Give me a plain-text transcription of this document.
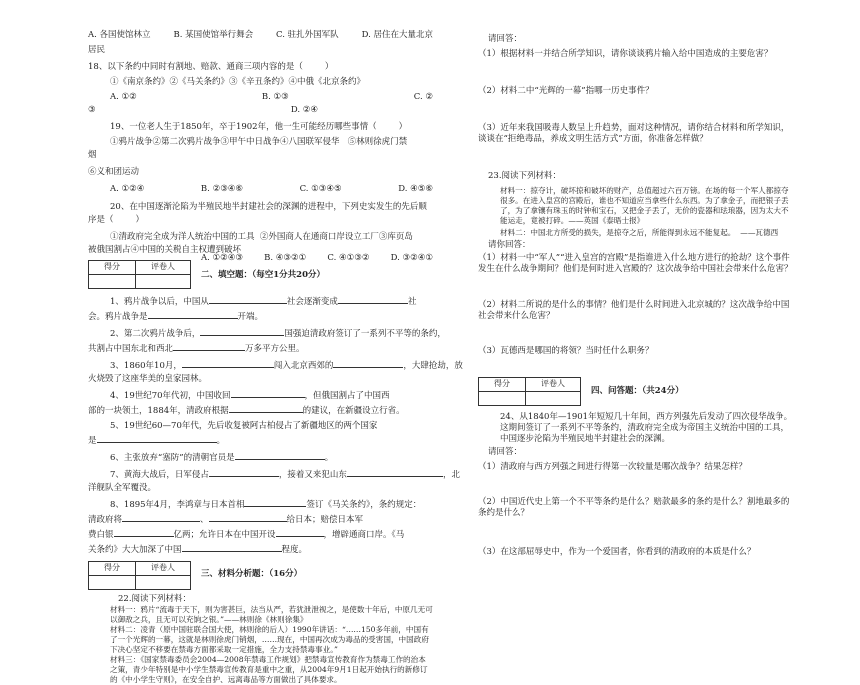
A. 各国使馆林立	B. 某国使馆举行舞会	C. 驻扎外国军队	D. 居住在大量北京

居民

18、以下条约中同时有割地、赔款、通商三项内容的是（	）

①《南京条约》②《马关条约》③《辛丑条约》④中俄《北京条约》

A. ①②	B. ①③	C. ②
③	D. ②④

19、一位老人生于1850年，卒于1902年，他一生可能经历哪些事情（	）

①鸦片战争②第二次鸦片战争③甲午中日战争④八国联军侵华 ⑤林则徐虎门禁

烟

⑥义和团运动

A. ①②④	B. ②③④⑥	C. ①③④⑤	D. ④⑤⑥

20、在中国逐渐沦陷为半殖民地半封建社会的深渊的进程中，下列史实发生的先后顺

序是（	）

①清政府完全成为洋人统治中国的工具 ②外国商人在通商口岸设立工厂③库页岛

被俄国割占④中国的关税自主权遭到破坏

得分	评卷人

A. ①②④③ B. ④③②① C. ④①③② D. ③②④①

二、填空题：（每空1分共20分）

1、鸦片战争以后，中国从	社会逐渐变成	社

会。鸦片战争是	开端。

2、第二次鸦片战争后，	国强迫清政府签订了一系列不平等的条约，

共割占中国东北和西北	万多平方公里。

3、1860年10月，	闯入北京西郊的	，大肆抢劫，放

火烧毁了这座华美的皇家园林。

4、19世纪70年代初，中国收回	，但俄国割占了中国西

部的一块领土，1884年，清政府根据	的建议，在新疆设立行省。

5、19世纪60—70年代，先后收复被阿古柏侵占了新疆地区的两个国家

是	。

6、主张放弃“塞防”的清朝官员是	。

7、黄海大战后，日军侵占	，接着又来犯山东	，北

洋舰队全军覆没。

8、1895年4月，李鸿章与日本首相	签订《马关条约》，条约规定：

清政府将	、	给日本；赔偿日本军

费白银	亿两；允许日本在中国开设	，增辟通商口岸。《马

关条约》大大加深了中国	程度。

得分	评卷人

三、材料分析题：（16分）

22.阅读下列材料：

材料一：鸦片“流毒于天下，则为害甚巨，法当从严，若犹泄泄视之，是使数十年后，中原几无可以御敌之兵，且无可以充饷之银。”——林则徐《林则徐集》

材料二：凌青（原中国驻联合国大使，林则徐的后人）1990年讲话：“……150多年前，中国有了一个光辉的一幕，这就是林则徐虎门销烟，……现在，中国再次成为毒品的受害国，中国政府下决心坚定不移要在禁毒方面都采取一定措施，全力支持禁毒事业。”

材料三：《国家禁毒委员会2004—2008年禁毒工作规划》把禁毒宣传教育作为禁毒工作的治本之策，青少年特别是中小学生禁毒宣传教育是重中之重，从2004年9月1日起开始执行的新修订的《中小学生守则》，在安全自护、远离毒品等方面做出了具体要求。

请回答：

（1）根据材料一并结合所学知识，请你谈谈鸦片输入给中国造成的主要危害？

（2）材料二中“光辉的一幕”指哪一历史事件？

（3）近年来我国吸毒人数呈上升趋势，面对这种情况，请你结合材料和所学知识，谈谈在“拒绝毒品，养成文明生活方式”方面，你准备怎样做？

23.阅读下列材料：

材料一：掠夺计，破坏掠和破坏的财产，总值超过六百万镑。在场的每一个军人都掠夺很多。在进入皇宫的宫殿后，谁也不知道应当拿些什么东西。为了拿金子，而把银子丢了，为了拿镶有珠玉的时钟和宝石，又把金子丢了，无价的瓷器和珐琅器，因为太大不能运走，竟被打碎。——英国《泰晤士报》

材料二：中国北方所受的损失，是掠夺之后，所能得到永远不能复起。 ——瓦德西

请你回答：

（1）材料一中“军人”“进入皇宫的宫殿”是指谁进入什么地方进行的抢劫？这个事件发生在什么战争期间？他们是何时进入宫殿的？这次战争给中国社会带来什么危害？

（2）材料二所说的是什么的事情？他们是什么时间进入北京城的？这次战争给中国社会带来什么危害？

（3）瓦德西是哪国的将领？当时任什么职务？

得分	评卷人

四、问答题：（共24分）

24、从1840年—1901年短短几十年间，西方列强先后发动了四次侵华战争。这期间签订了一系列不平等条约，清政府完全成为帝国主义统治中国的工具，中国逐步沦陷为半殖民地半封建社会的深渊。

请回答：

（1）清政府与西方列强之间进行得第一次较量是哪次战争？结果怎样？

（2）中国近代史上第一个不平等条约是什么？赔款最多的条约是什么？割地最多的条约是什么？

（3）在这部屈辱史中，作为一个爱国者，你看到的清政府的本质是什么？
